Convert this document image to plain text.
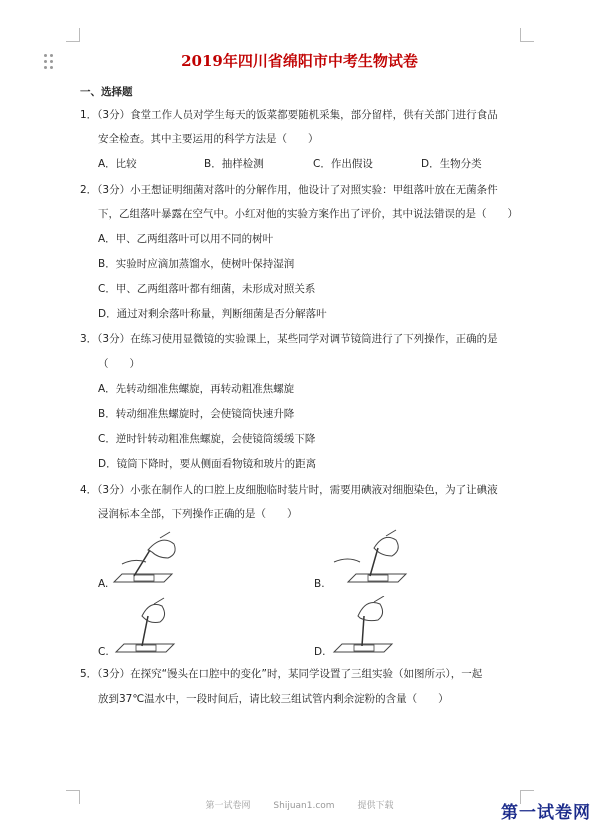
2019年四川省绵阳市中考生物试卷
一、选择题
1．（3分）食堂工作人员对学生每天的饭菜都要随机采集，部分留样，供有关部门进行食品
安全检查。其中主要运用的科学方法是（　　）
A．比较	B．抽样检测	C．作出假设	D．生物分类
2．（3分）小王想证明细菌对落叶的分解作用，他设计了对照实验：甲组落叶放在无菌条件
下，乙组落叶暴露在空气中。小红对他的实验方案作出了评价，其中说法错误的是（　　）
A．甲、乙两组落叶可以用不同的树叶
B．实验时应滴加蒸馏水，使树叶保持湿润
C．甲、乙两组落叶都有细菌，未形成对照关系
D．通过对剩余落叶称量，判断细菌是否分解落叶
3．（3分）在练习使用显微镜的实验课上，某些同学对调节镜筒进行了下列操作，正确的是
（　　）
A．先转动细准焦螺旋，再转动粗准焦螺旋
B．转动细准焦螺旋时，会使镜筒快速升降
C．逆时针转动粗准焦螺旋，会使镜筒缓缓下降
D．镜筒下降时，要从侧面看物镜和玻片的距离
4．（3分）小张在制作人的口腔上皮细胞临时装片时，需要用碘液对细胞染色，为了让碘液
浸润标本全部，下列操作正确的是（　　）
A.	B.
C.	D.
5．（3分）在探究“馒头在口腔中的变化”时，某同学设置了三组实验（如图所示），一起
放到37℃温水中，一段时间后，请比较三组试管内剩余淀粉的含量（　　）
第一试卷网	Shijuan1.com	提供下载	第一试卷网
